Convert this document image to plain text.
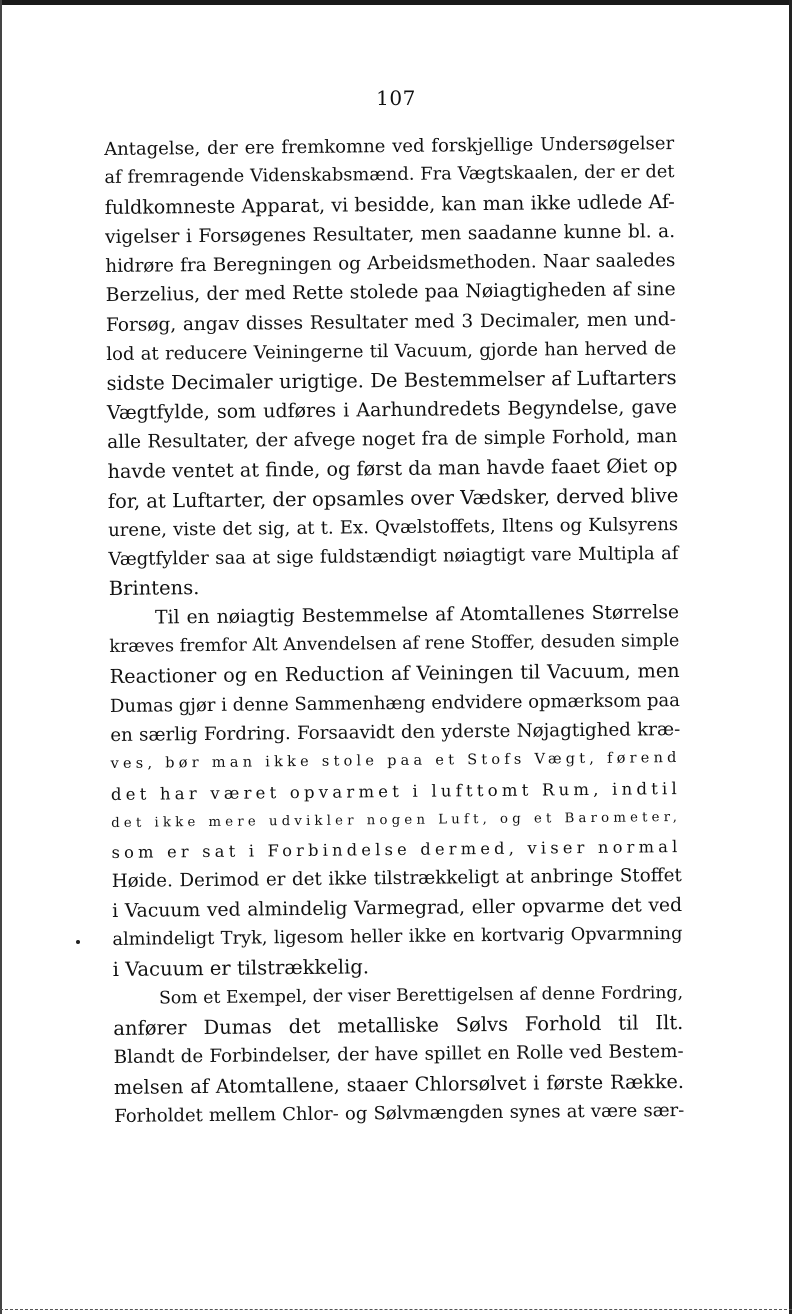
107
Antagelse, der ere fremkomne ved forskjellige Undersøgelser
af fremragende Videnskabsmænd. Fra Vægtskaalen, der er det
fuldkomneste Apparat, vi besidde, kan man ikke udlede Af-
vigelser i Forsøgenes Resultater, men saadanne kunne bl. a.
hidrøre fra Beregningen og Arbeidsmethoden. Naar saaledes
Berzelius, der med Rette stolede paa Nøiagtigheden af sine
Forsøg, angav disses Resultater med 3 Decimaler, men und-
lod at reducere Veiningerne til Vacuum, gjorde han herved de
sidste Decimaler urigtige. De Bestemmelser af Luftarters
Vægtfylde, som udføres i Aarhundredets Begyndelse, gave
alle Resultater, der afvege noget fra de simple Forhold, man
havde ventet at finde, og først da man havde faaet Øiet op
for, at Luftarter, der opsamles over Vædsker, derved blive
urene, viste det sig, at t. Ex. Qvælstoffets, Iltens og Kulsyrens
Vægtfylder saa at sige fuldstændigt nøiagtigt vare Multipla af
Brintens.
Til en nøiagtig Bestemmelse af Atomtallenes Størrelse
kræves fremfor Alt Anvendelsen af rene Stoffer, desuden simple
Reactioner og en Reduction af Veiningen til Vacuum, men
Dumas gjør i denne Sammenhæng endvidere opmærksom paa
en særlig Fordring. Forsaavidt den yderste Nøjagtighed kræ-
ves, bør man ikke stole paa et Stofs Vægt, førend
det har været opvarmet i lufttomt Rum, indtil
det ikke mere udvikler nogen Luft, og et Barometer,
som er sat i Forbindelse dermed, viser normal
Høide. Derimod er det ikke tilstrækkeligt at anbringe Stoffet
i Vacuum ved almindelig Varmegrad, eller opvarme det ved
almindeligt Tryk, ligesom heller ikke en kortvarig Opvarmning
i Vacuum er tilstrækkelig.
Som et Exempel, der viser Berettigelsen af denne Fordring,
anfører Dumas det metalliske Sølvs Forhold til Ilt.
Blandt de Forbindelser, der have spillet en Rolle ved Bestem-
melsen af Atomtallene, staaer Chlorsølvet i første Række.
Forholdet mellem Chlor- og Sølvmængden synes at være sær-
